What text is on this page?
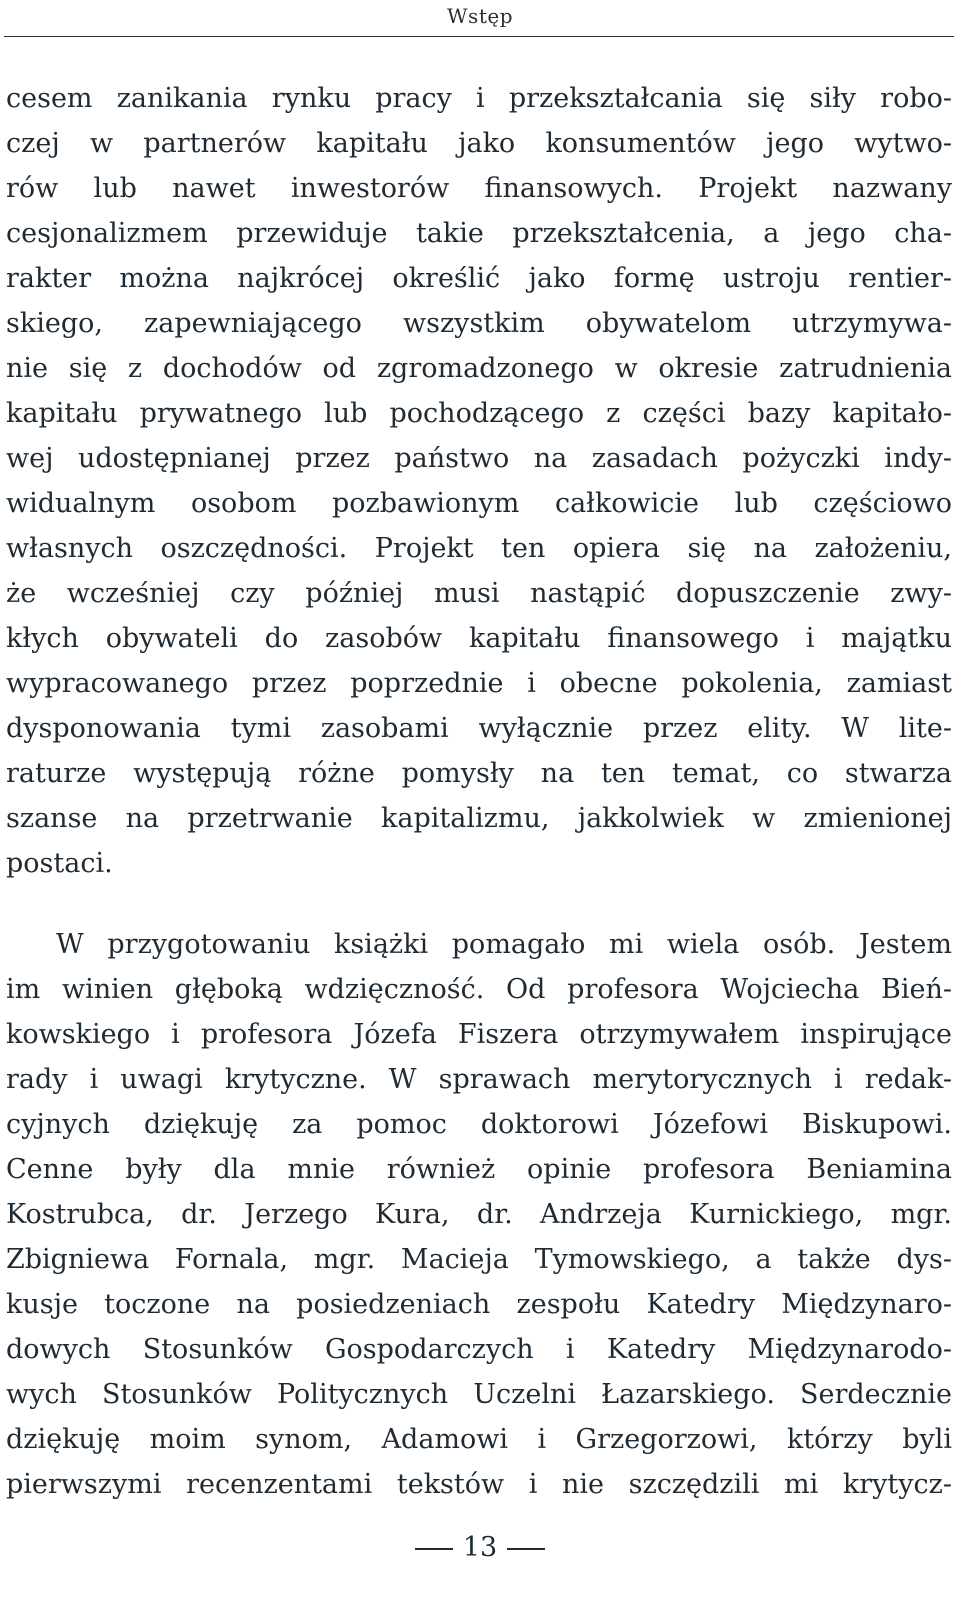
Wstęp
cesem zanikania rynku pracy i przekształcania się siły robo-
czej w partnerów kapitału jako konsumentów jego wytwo-
rów lub nawet inwestorów finansowych. Projekt nazwany
cesjonalizmem przewiduje takie przekształcenia, a jego cha-
rakter można najkrócej określić jako formę ustroju rentier-
skiego, zapewniającego wszystkim obywatelom utrzymywa-
nie się z dochodów od zgromadzonego w okresie zatrudnienia
kapitału prywatnego lub pochodzącego z części bazy kapitało-
wej udostępnianej przez państwo na zasadach pożyczki indy-
widualnym osobom pozbawionym całkowicie lub częściowo
własnych oszczędności. Projekt ten opiera się na założeniu,
że wcześniej czy później musi nastąpić dopuszczenie zwy-
kłych obywateli do zasobów kapitału finansowego i majątku
wypracowanego przez poprzednie i obecne pokolenia, zamiast
dysponowania tymi zasobami wyłącznie przez elity. W lite-
raturze występują różne pomysły na ten temat, co stwarza
szanse na przetrwanie kapitalizmu, jakkolwiek w zmienionej
postaci.
W przygotowaniu książki pomagało mi wiela osób. Jestem
im winien głęboką wdzięczność. Od profesora Wojciecha Bień-
kowskiego i profesora Józefa Fiszera otrzymywałem inspirujące
rady i uwagi krytyczne. W sprawach merytorycznych i redak-
cyjnych dziękuję za pomoc doktorowi Józefowi Biskupowi.
Cenne były dla mnie również opinie profesora Beniamina
Kostrubca, dr. Jerzego Kura, dr. Andrzeja Kurnickiego, mgr.
Zbigniewa Fornala, mgr. Macieja Tymowskiego, a także dys-
kusje toczone na posiedzeniach zespołu Katedry Międzynaro-
dowych Stosunków Gospodarczych i Katedry Międzynarodo-
wych Stosunków Politycznych Uczelni Łazarskiego. Serdecznie
dziękuję moim synom, Adamowi i Grzegorzowi, którzy byli
pierwszymi recenzentami tekstów i nie szczędzili mi krytycz-
13
